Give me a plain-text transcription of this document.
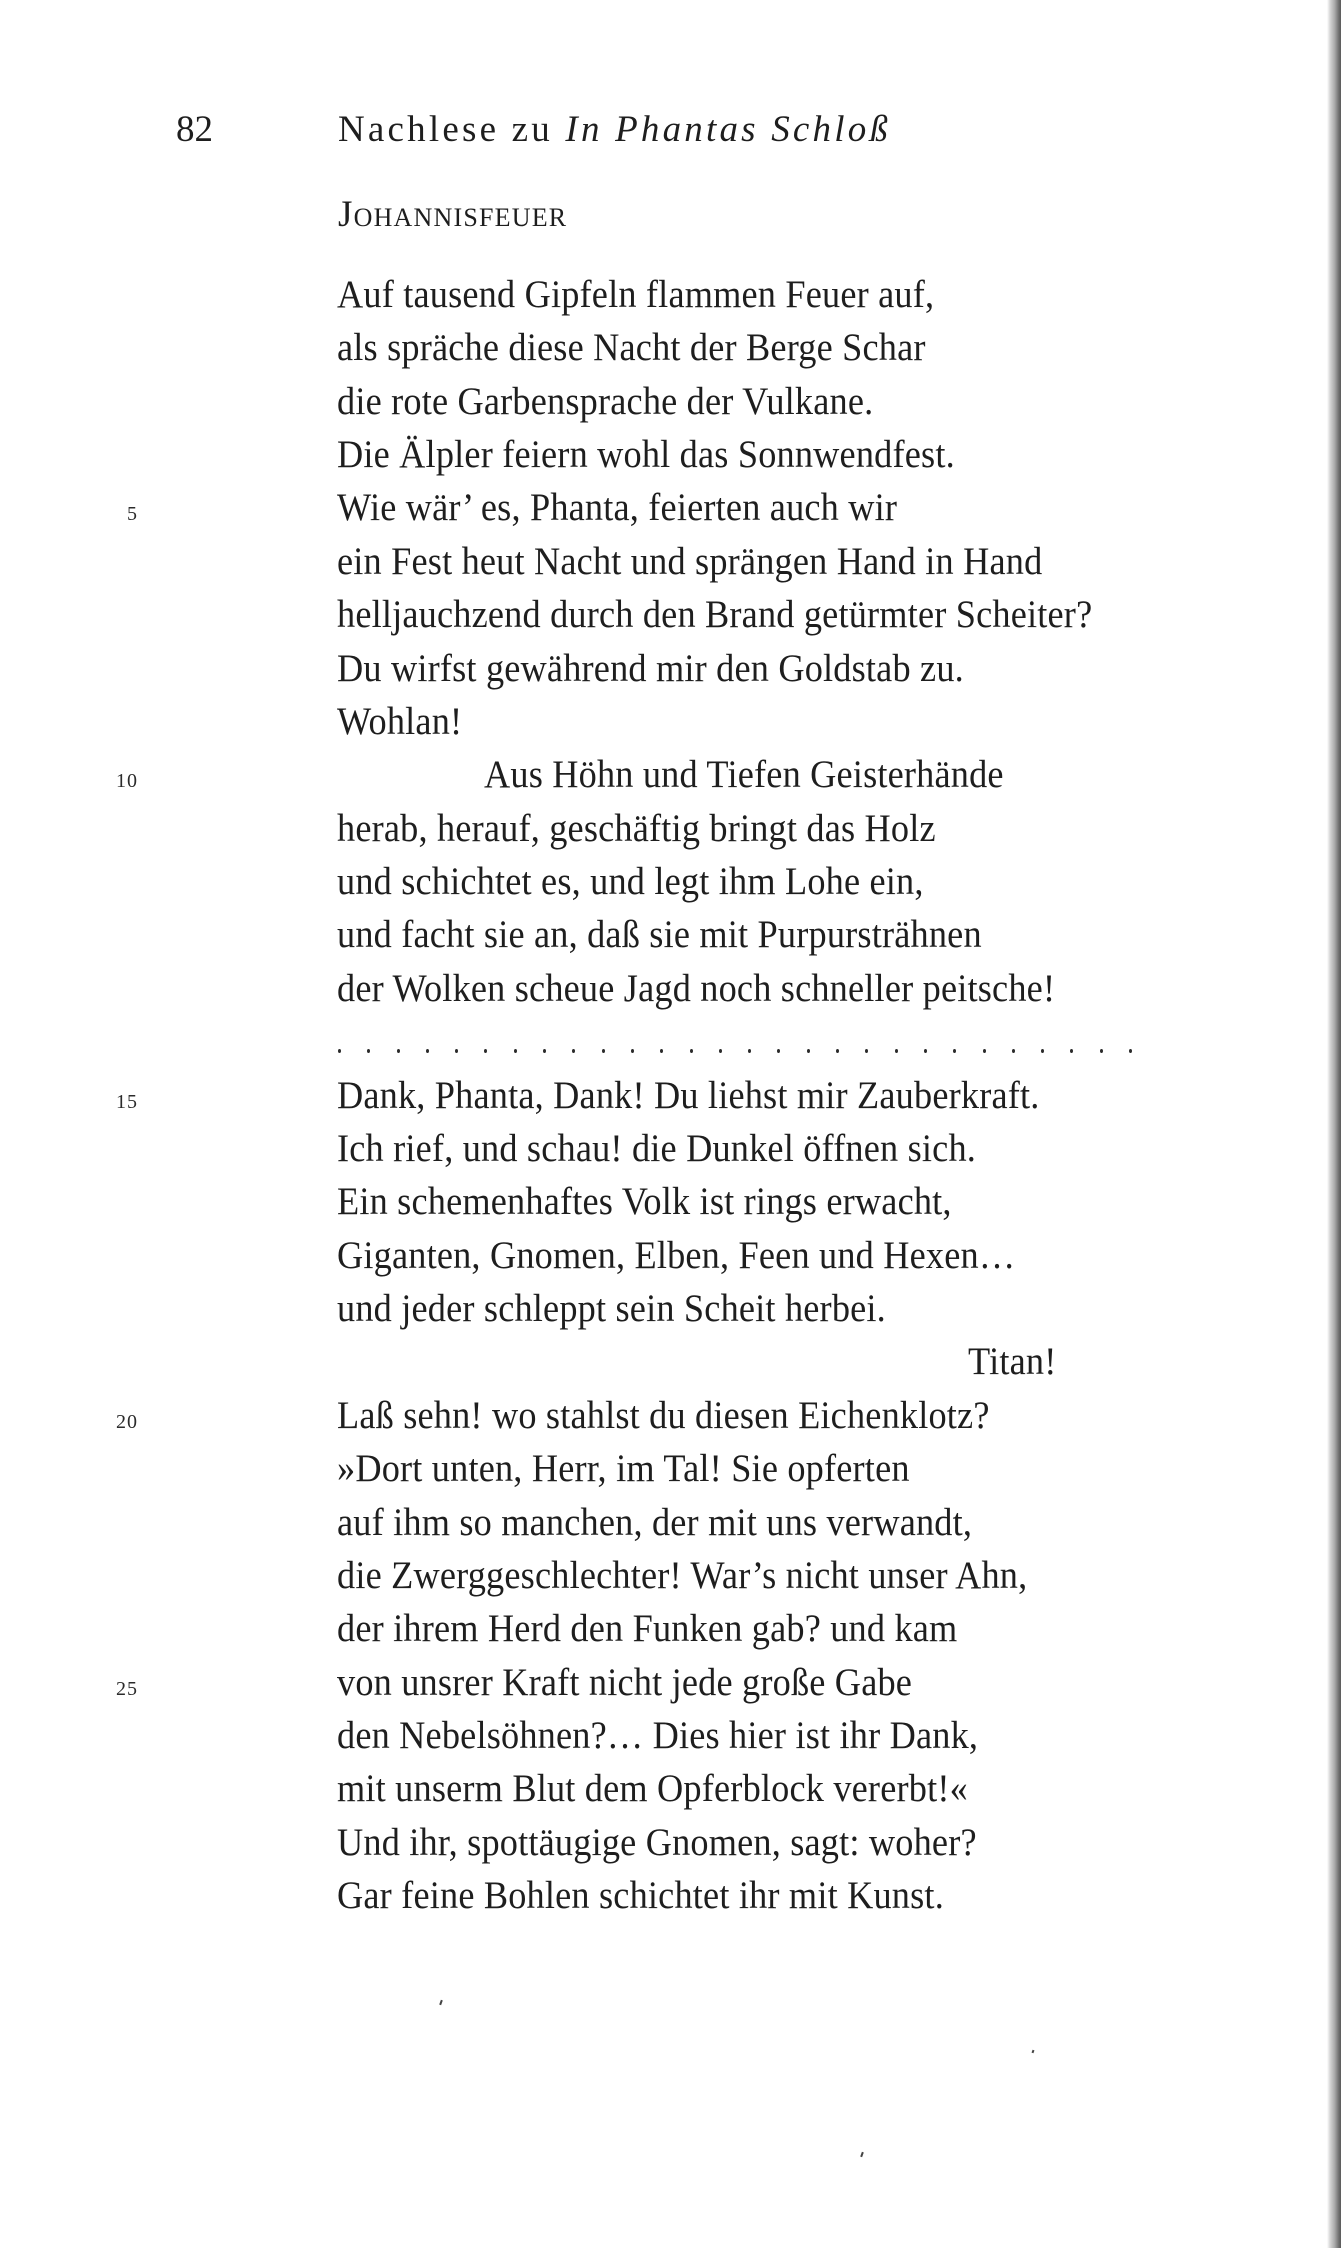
82	Nachlese zu In Phantas Schloß
Johannisfeuer
Auf tausend Gipfeln flammen Feuer auf,
als spräche diese Nacht der Berge Schar
die rote Garbensprache der Vulkane.
Die Älpler feiern wohl das Sonnwendfest.
Wie wär’ es, Phanta, feierten auch wir
ein Fest heut Nacht und sprängen Hand in Hand
helljauchzend durch den Brand getürmter Scheiter?
Du wirfst gewährend mir den Goldstab zu.
Wohlan!
Aus Höhn und Tiefen Geisterhände
herab, herauf, geschäftig bringt das Holz
und schichtet es, und legt ihm Lohe ein,
und facht sie an, daß sie mit Purpursträhnen
der Wolken scheue Jagd noch schneller peitsche!
Dank, Phanta, Dank! Du liehst mir Zauberkraft.
Ich rief, und schau! die Dunkel öffnen sich.
Ein schemenhaftes Volk ist rings erwacht,
Giganten, Gnomen, Elben, Feen und Hexen…
und jeder schleppt sein Scheit herbei.
Titan!
Laß sehn! wo stahlst du diesen Eichenklotz?
»Dort unten, Herr, im Tal! Sie opferten
auf ihm so manchen, der mit uns verwandt,
die Zwerggeschlechter! War’s nicht unser Ahn,
der ihrem Herd den Funken gab? und kam
von unsrer Kraft nicht jede große Gabe
den Nebelsöhnen?… Dies hier ist ihr Dank,
mit unserm Blut dem Opferblock vererbt!«
Und ihr, spottäugige Gnomen, sagt: woher?
Gar feine Bohlen schichtet ihr mit Kunst.
5
10
15
20
25
